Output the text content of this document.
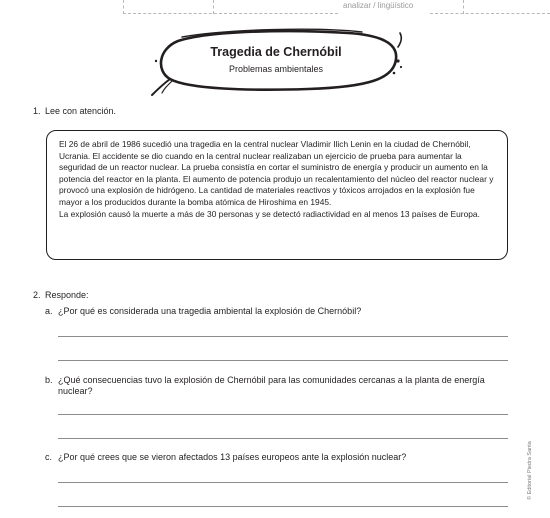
analizar / lingüístico
Tragedia de Chernóbil
Problemas ambientales
1. Lee con atención.

El 26 de abril de 1986 sucedió una tragedia en la central nuclear Vladimir Ilich Lenin en la ciudad de Chernóbil, Ucrania. El accidente se dio cuando en la central nuclear realizaban un ejercicio de prueba para aumentar la seguridad de un reactor nuclear. La prueba consistía en cortar el suministro de energía y producir un aumento en la potencia del reactor en la planta. El aumento de potencia produjo un recalentamiento del núcleo del reactor nuclear y provocó una explosión de hidrógeno. La cantidad de materiales reactivos y tóxicos arrojados en la explosión fue mayor a los producidos durante la bomba atómica de Hiroshima en 1945.

La explosión causó la muerte a más de 30 personas y se detectó radiactividad en al menos 13 países de Europa.

2. Responde:
a. ¿Por qué es considerada una tragedia ambiental la explosión de Chernóbil?
b. ¿Qué consecuencias tuvo la explosión de Chernóbil para las comunidades cercanas a la planta de energía nuclear?
c. ¿Por qué crees que se vieron afectados 13 países europeos ante la explosión nuclear?	© Editorial Piedra Santa
